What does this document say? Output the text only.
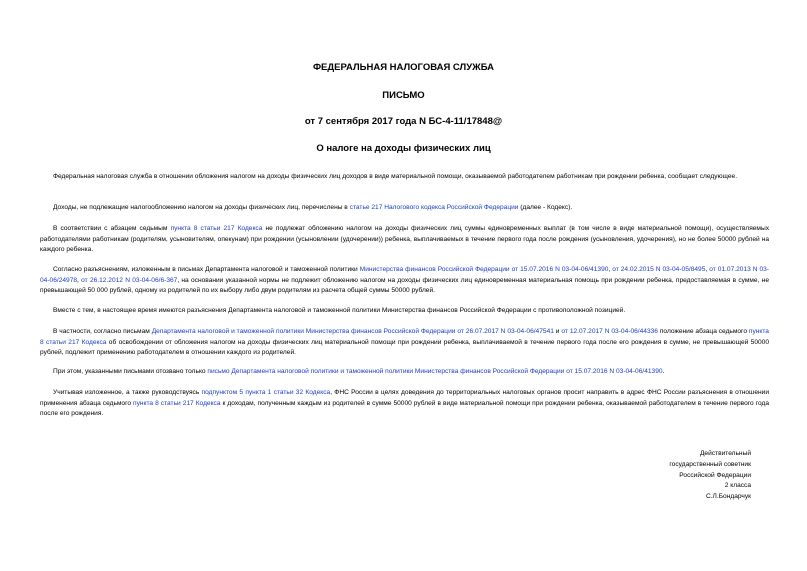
ФЕДЕРАЛЬНАЯ НАЛОГОВАЯ СЛУЖБА
ПИСЬМО
от 7 сентября 2017 года N БС-4-11/17848@
О налоге на доходы физических лиц

Федеральная налоговая служба в отношении обложения налогом на доходы физических лиц доходов в виде материальной помощи, оказываемой работодателем работникам при рождении ребенка, сообщает следующее.

Доходы, не подлежащие налогообложению налогом на доходы физических лиц, перечислены в статье 217 Налогового кодекса Российской Федерации (далее - Кодекс).

В соответствии с абзацем седьмым пункта 8 статьи 217 Кодекса не подлежат обложению налогом на доходы физических лиц суммы единовременных выплат (в том числе в виде материальной помощи), осуществляемых работодателями работникам (родителям, усыновителям, опекунам) при рождении (усыновлении (удочерении)) ребенка, выплачиваемых в течение первого года после рождения (усыновления, удочерения), но не более 50000 рублей на каждого ребенка.

Согласно разъяснениям, изложенным в письмах Департамента налоговой и таможенной политики Министерства финансов Российской Федерации от 15.07.2016 N 03-04-06/41390, от 24.02.2015 N 03-04-05/8495, от 01.07.2013 N 03-04-06/24978, от 26.12.2012 N 03-04-06/6-367, на основании указанной нормы не подлежит обложению налогом на доходы физических лиц единовременная материальная помощь при рождении ребенка, предоставляемая в сумме, не превышающей 50 000 рублей, одному из родителей по их выбору либо двум родителям из расчета общей суммы 50000 рублей.

Вместе с тем, в настоящее время имеются разъяснения Департамента налоговой и таможенной политики Министерства финансов Российской Федерации с противоположной позицией.

В частности, согласно письмам Департамента налоговой и таможенной политики Министерства финансов Российской Федерации от 26.07.2017 N 03-04-06/47541 и от 12.07.2017 N 03-04-06/44336 положение абзаца седьмого пункта 8 статьи 217 Кодекса об освобождении от обложения налогом на доходы физических лиц материальной помощи при рождении ребенка, выплачиваемой в течение первого года после его рождения в сумме, не превышающей 50000 рублей, подлежит применению работодателем в отношении каждого из родителей.

При этом, указанными письмами отозвано только письмо Департамента налоговой политики и таможенной политики Министерства финансов Российской Федерации от 15.07.2016 N 03-04-06/41390.

Учитывая изложенное, а также руководствуясь подпунктом 5 пункта 1 статьи 32 Кодекса, ФНС России в целях доведения до территориальных налоговых органов просит направить в адрес ФНС России разъяснения в отношении применения абзаца седьмого пункта 8 статьи 217 Кодекса к доходам, полученным каждым из родителей в сумме 50000 рублей в виде материальной помощи при рождении ребенка, оказываемой работодателем в течение первого года после его рождения.

Действительный
государственный советник
Российской Федерации
2 класса
С.Л.Бондарчук
